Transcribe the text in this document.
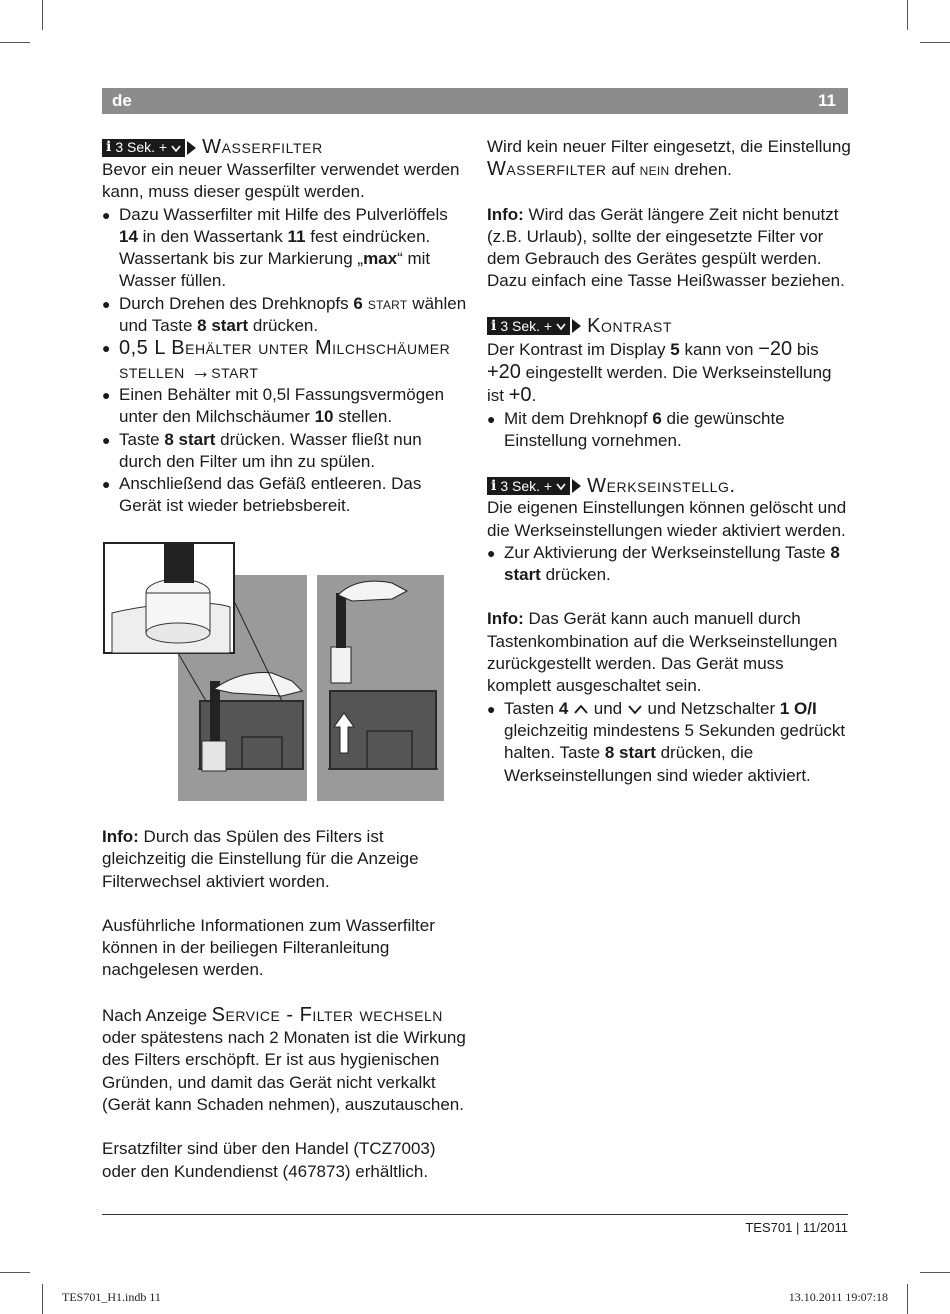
de	11
i 3 Sek. + Wasserfilter

Bevor ein neuer Wasserfilter verwendet werden kann, muss dieser gespült werden.

● Dazu Wasserfilter mit Hilfe des Pulverlöffels 14 in den Wassertank 11 fest eindrücken. Wassertank bis zur Markierung „max“ mit Wasser füllen.
● Durch Drehen des Drehknopfs 6 start wählen und Taste 8 start drücken.
● 0,5 L Behälter unter Milchschäumer stellen →start
● Einen Behälter mit 0,5l Fassungsvermögen unter den Milchschäumer 10 stellen.
● Taste 8 start drücken. Wasser fließt nun durch den Filter um ihn zu spülen.
● Anschließend das Gefäß entleeren. Das Gerät ist wieder betriebsbereit.

Info: Durch das Spülen des Filters ist gleichzeitig die Einstellung für die Anzeige Filterwechsel aktiviert worden.

Ausführliche Informationen zum Wasserfilter können in der beiliegen Filteranleitung nachgelesen werden.

Nach Anzeige Service - Filter wechseln oder spätestens nach 2 Monaten ist die Wirkung des Filters erschöpft. Er ist aus hygienischen Gründen, und damit das Gerät nicht verkalkt (Gerät kann Schaden nehmen), auszutauschen.

Ersatzfilter sind über den Handel (TCZ7003) oder den Kundendienst (467873) erhältlich.

Wird kein neuer Filter eingesetzt, die Einstellung Wasserfilter auf nein drehen.

Info: Wird das Gerät längere Zeit nicht benutzt (z.B. Urlaub), sollte der eingesetzte Filter vor dem Gebrauch des Gerätes gespült werden. Dazu einfach eine Tasse Heißwasser beziehen.

i 3 Sek. + Kontrast

Der Kontrast im Display 5 kann von −20 bis +20 eingestellt werden. Die Werkseinstellung ist +0.

● Mit dem Drehknopf 6 die gewünschte Einstellung vornehmen.
i 3 Sek. + Werkseinstellg.

Die eigenen Einstellungen können gelöscht und die Werkseinstellungen wieder aktiviert werden.

● Zur Aktivierung der Werkseinstellung Taste 8 start drücken.

Info: Das Gerät kann auch manuell durch Tastenkombination auf die Werkseinstellungen zurückgestellt werden. Das Gerät muss komplett ausgeschaltet sein.

● Tasten 4  und  und Netzschalter 1 O/I gleichzeitig mindestens 5 Sekunden gedrückt halten. Taste 8 start drücken, die Werkseinstellungen sind wieder aktiviert.
TES701 | 11/2011
TES701_H1.indb 11	13.10.2011 19:07:18
